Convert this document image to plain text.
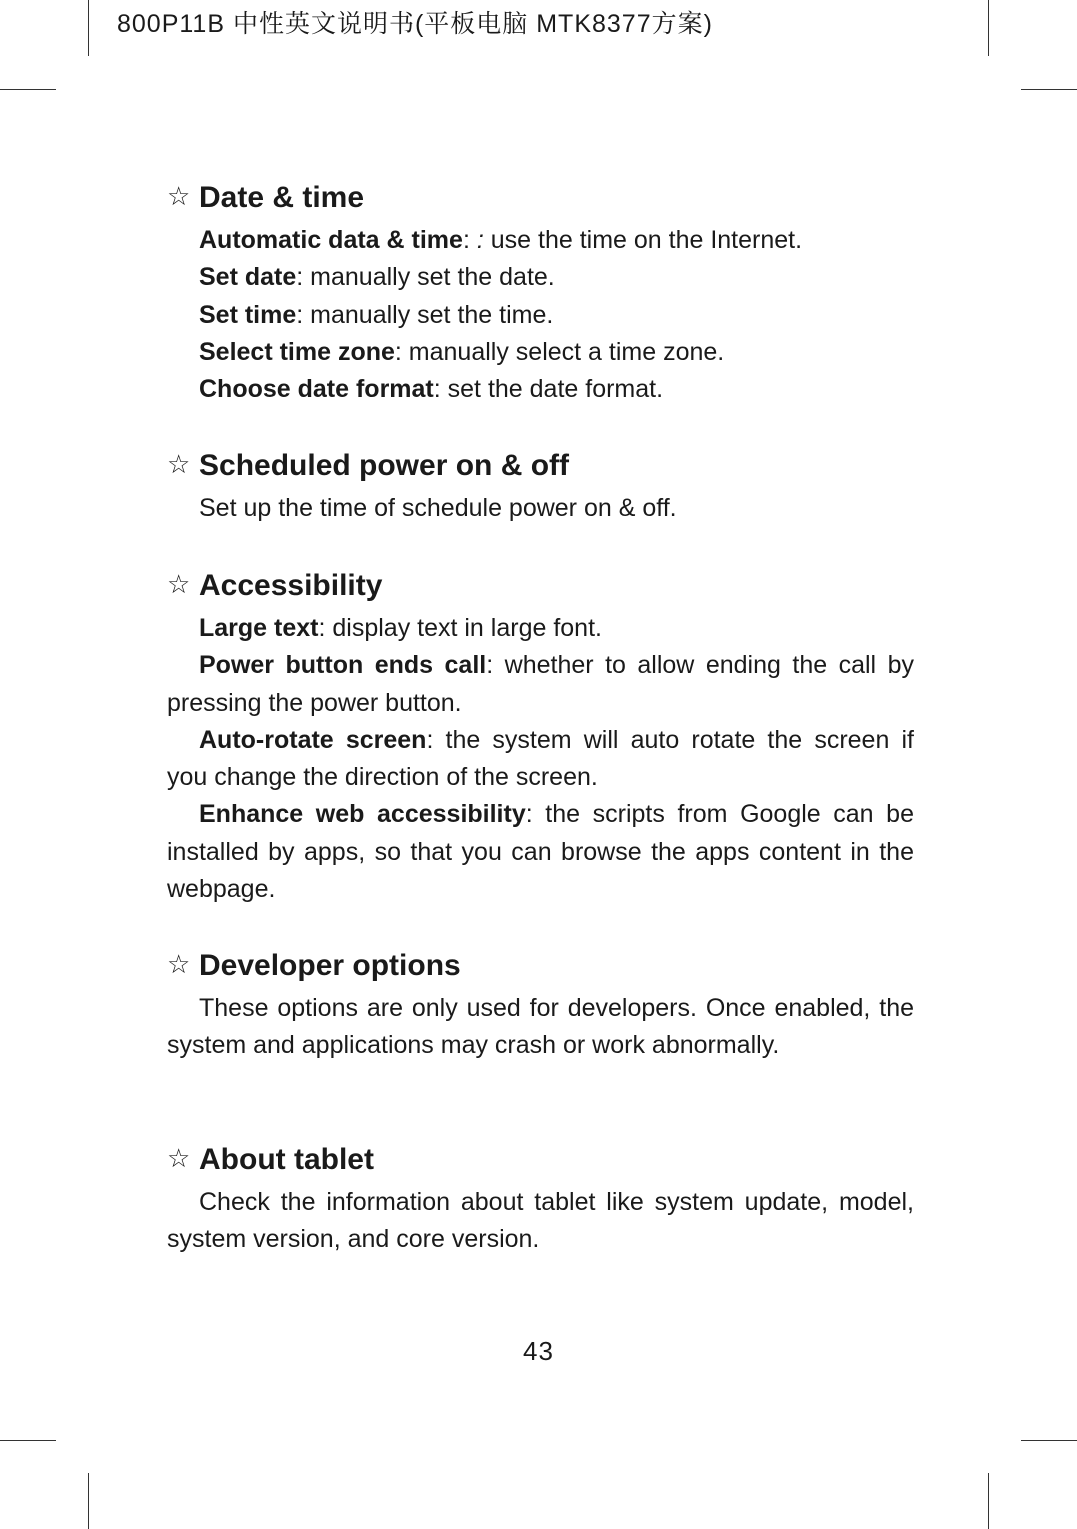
800P11B 中性英文说明书(平板电脑 MTK8377方案)
☆ Date & time

Automatic data & time: : use the time on the Internet.

Set date: manually set the date.

Set time: manually set the time.

Select time zone: manually select a time zone.

Choose date format: set the date format.

☆ Scheduled power on & off

Set up the time of schedule power on & off.

☆ Accessibility

Large text: display text in large font.

Power button ends call: whether to allow ending the call by pressing the power button.

Auto-rotate screen: the system will auto rotate the screen if you change the direction of the screen.

Enhance web accessibility: the scripts from Google can be installed by apps, so that you can browse the apps content in the webpage.

☆ Developer options

These options are only used for developers. Once enabled, the system and applications may crash or work abnormally.

☆ About tablet

Check the information about tablet like system update, model, system version, and core version.

43
